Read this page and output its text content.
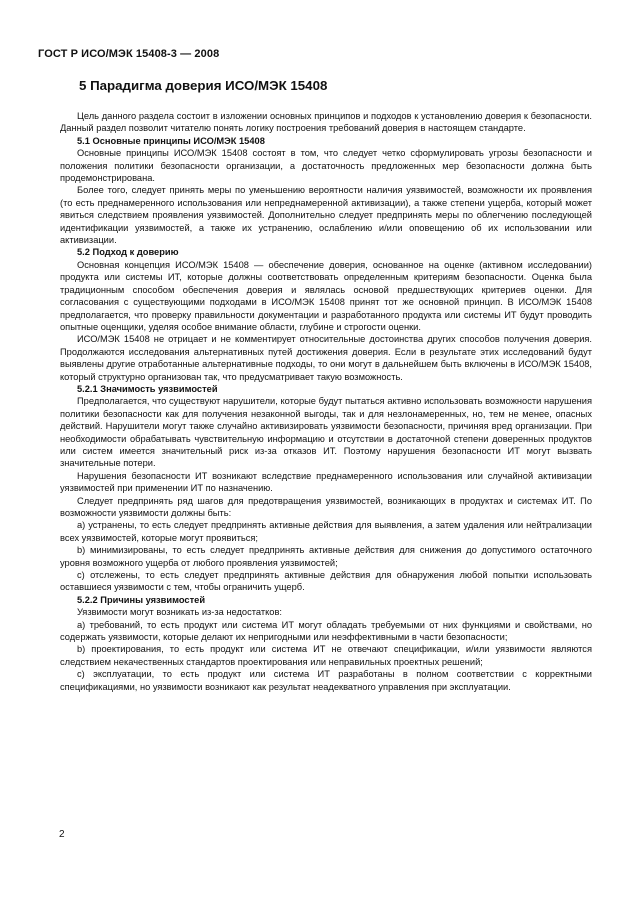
ГОСТ Р ИСО/МЭК 15408-3 — 2008
5 Парадигма доверия ИСО/МЭК 15408

Цель данного раздела состоит в изложении основных принципов и подходов к установлению доверия к безопасности. Данный раздел позволит читателю понять логику построения требований доверия в настоящем стандарте.

5.1 Основные принципы ИСО/МЭК 15408

Основные принципы ИСО/МЭК 15408 состоят в том, что следует четко сформулировать угрозы безопасности и положения политики безопасности организации, а достаточность предложенных мер безопасности должна быть продемонстрирована.

Более того, следует принять меры по уменьшению вероятности наличия уязвимостей, возможности их проявления (то есть преднамеренного использования или непреднамеренной активизации), а также степени ущерба, который может явиться следствием проявления уязвимостей. Дополнительно следует предпринять меры по облегчению последующей идентификации уязвимостей, а также их устранению, ослаблению и/или оповещению об их использовании или активизации.

5.2 Подход к доверию

Основная концепция ИСО/МЭК 15408 — обеспечение доверия, основанное на оценке (активном исследовании) продукта или системы ИТ, которые должны соответствовать определенным критериям безопасности. Оценка была традиционным способом обеспечения доверия и являлась основой предшествующих критериев оценки. Для согласования с существующими подходами в ИСО/МЭК 15408 принят тот же основной принцип. В ИСО/МЭК 15408 предполагается, что проверку правильности документации и разработанного продукта или системы ИТ будут проводить опытные оценщики, уделяя особое внимание области, глубине и строгости оценки.

ИСО/МЭК 15408 не отрицает и не комментирует относительные достоинства других способов получения доверия. Продолжаются исследования альтернативных путей достижения доверия. Если в результате этих исследований будут выявлены другие отработанные альтернативные подходы, то они могут в дальнейшем быть включены в ИСО/МЭК 15408, который структурно организован так, что предусматривает такую возможность.

5.2.1 Значимость уязвимостей

Предполагается, что существуют нарушители, которые будут пытаться активно использовать возможности нарушения политики безопасности как для получения незаконной выгоды, так и для незлонамеренных, но, тем не менее, опасных действий. Нарушители могут также случайно активизировать уязвимости безопасности, причиняя вред организации. При необходимости обрабатывать чувствительную информацию и отсутствии в достаточной степени доверенных продуктов или систем имеется значительный риск из-за отказов ИТ. Поэтому нарушения безопасности ИТ могут вызвать значительные потери.

Нарушения безопасности ИТ возникают вследствие преднамеренного использования или случайной активизации уязвимостей при применении ИТ по назначению.

Следует предпринять ряд шагов для предотвращения уязвимостей, возникающих в продуктах и системах ИТ. По возможности уязвимости должны быть:

а) устранены, то есть следует предпринять активные действия для выявления, а затем удаления или нейтрализации всех уязвимостей, которые могут проявиться;

b) минимизированы, то есть следует предпринять активные действия для снижения до допустимого остаточного уровня возможного ущерба от любого проявления уязвимостей;

с) отслежены, то есть следует предпринять активные действия для обнаружения любой попытки использовать оставшиеся уязвимости с тем, чтобы ограничить ущерб.

5.2.2 Причины уязвимостей

Уязвимости могут возникать из-за недостатков:

а) требований, то есть продукт или система ИТ могут обладать требуемыми от них функциями и свойствами, но содержать уязвимости, которые делают их непригодными или неэффективными в части безопасности;

b) проектирования, то есть продукт или система ИТ не отвечают спецификации, и/или уязвимости являются следствием некачественных стандартов проектирования или неправильных проектных решений;

с) эксплуатации, то есть продукт или система ИТ разработаны в полном соответствии с корректными спецификациями, но уязвимости возникают как результат неадекватного управления при эксплуатации.

2
